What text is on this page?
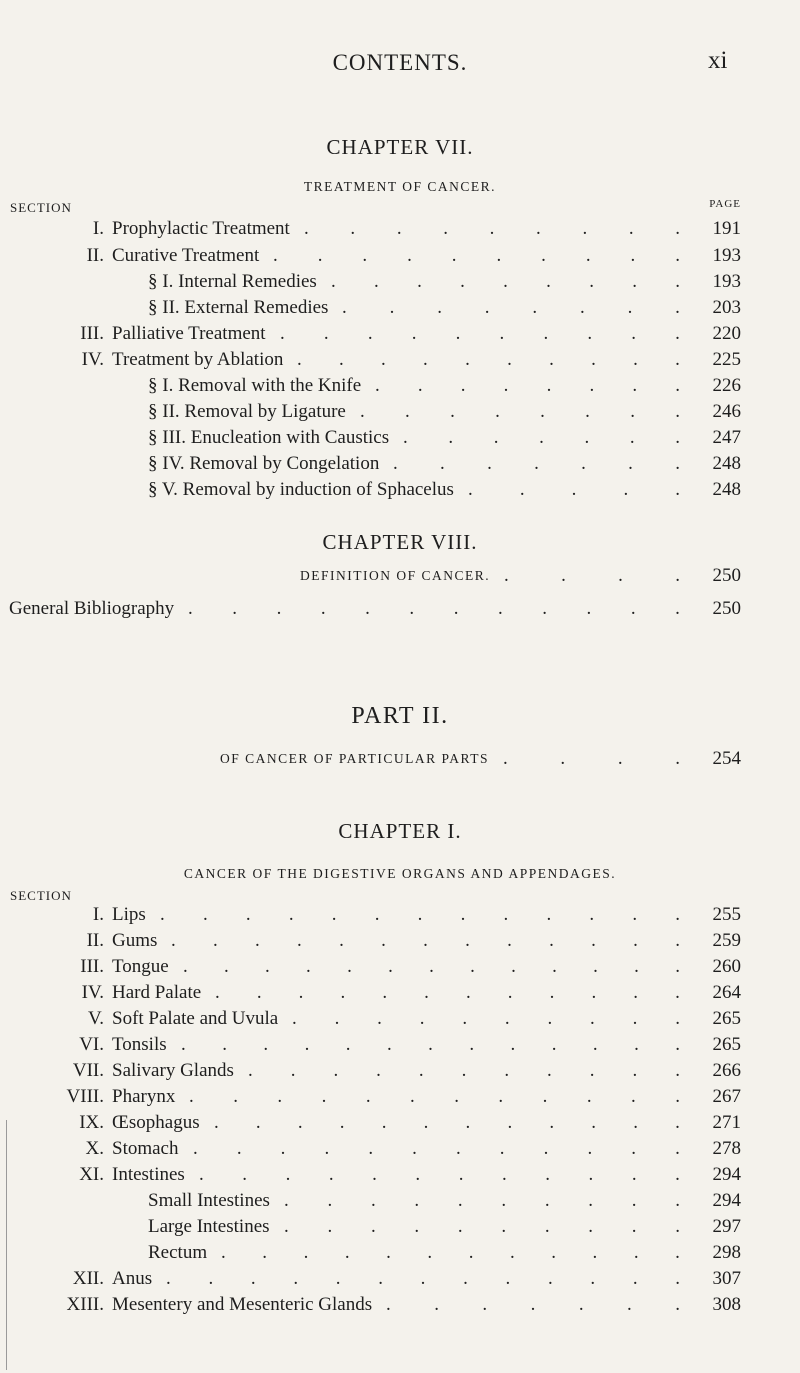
CONTENTS.	xi
CHAPTER VII.
TREATMENT OF CANCER.
SECTION	PAGE
I. Prophylactic Treatment . . . . . . . . .	191
II. Curative Treatment . . . . . . . . . .	193
§ I. Internal Remedies . . . . . . . . .	193
§ II. External Remedies . . . . . . . .	203
III. Palliative Treatment . . . . . . . . . .	220
IV. Treatment by Ablation . . . . . . . . . .	225
§ I. Removal with the Knife . . . . . . . .	226
§ II. Removal by Ligature . . . . . . . .	246
§ III. Enucleation with Caustics . . . . . . .	247
§ IV. Removal by Congelation . . . . . . .	248
§ V. Removal by induction of Sphacelus . . . . .	248
CHAPTER VIII.
DEFINITION OF CANCER. .	.	.	.	250
General Bibliography . . . . . . . . . . . .	250
PART II.
OF CANCER OF PARTICULAR PARTS .	.	.	.	254
CHAPTER I.
CANCER OF THE DIGESTIVE ORGANS AND APPENDAGES.
SECTION
I. Lips . . . . . . . . . . . . .	255
II. Gums . . . . . . . . . . . . .	259
III. Tongue . . . . . . . . . . . . .	260
IV. Hard Palate . . . . . . . . . . . .	264
V. Soft Palate and Uvula . . . . . . . . . .	265
VI. Tonsils . . . . . . . . . . . . .	265
VII. Salivary Glands . . . . . . . . . . .	266
VIII. Pharynx . . . . . . . . . . . .	267
IX. Œsophagus . . . . . . . . . . . .	271
X. Stomach . . . . . . . . . . . .	278
XI. Intestines . . . . . . . . . . . .	294
Small Intestines . . . . . . . . . .	294
Large Intestines . . . . . . . . . .	297
Rectum . . . . . . . . . . . .	298
XII. Anus . . . . . . . . . . . . .	307
XIII. Mesentery and Mesenteric Glands . . . . . . .	308
